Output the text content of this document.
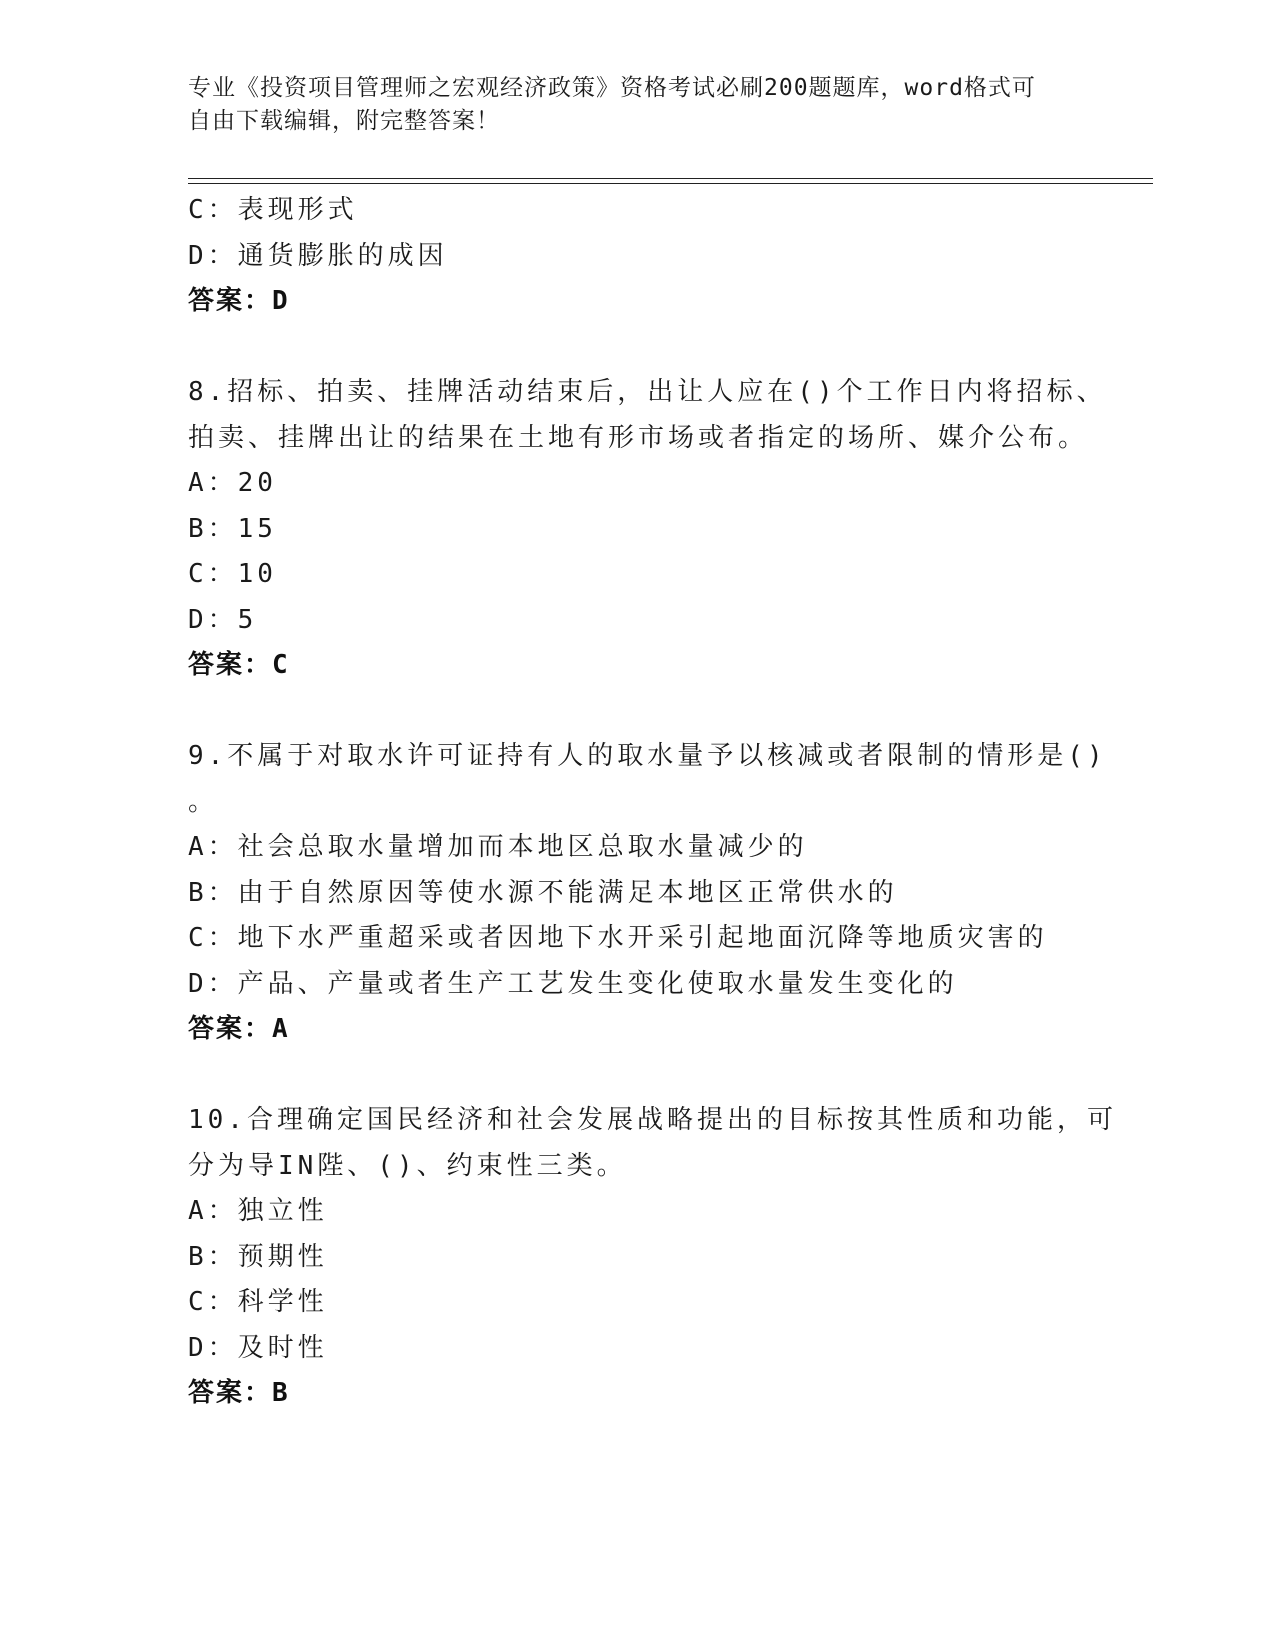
专业《投资项目管理师之宏观经济政策》资格考试必刷200题题库，word格式可
自由下载编辑，附完整答案！
C：表现形式
D：通货膨胀的成因
答案：D
8.招标、拍卖、挂牌活动结束后，出让人应在()个工作日内将招标、
拍卖、挂牌出让的结果在土地有形市场或者指定的场所、媒介公布。
A：20
B：15
C：10
D：5
答案：C
9.不属于对取水许可证持有人的取水量予以核减或者限制的情形是()
。
A：社会总取水量增加而本地区总取水量减少的
B：由于自然原因等使水源不能满足本地区正常供水的
C：地下水严重超采或者因地下水开采引起地面沉降等地质灾害的
D：产品、产量或者生产工艺发生变化使取水量发生变化的
答案：A
10.合理确定国民经济和社会发展战略提出的目标按其性质和功能，可
分为导IN陛、()、约束性三类。
A：独立性
B：预期性
C：科学性
D：及时性
答案：B
